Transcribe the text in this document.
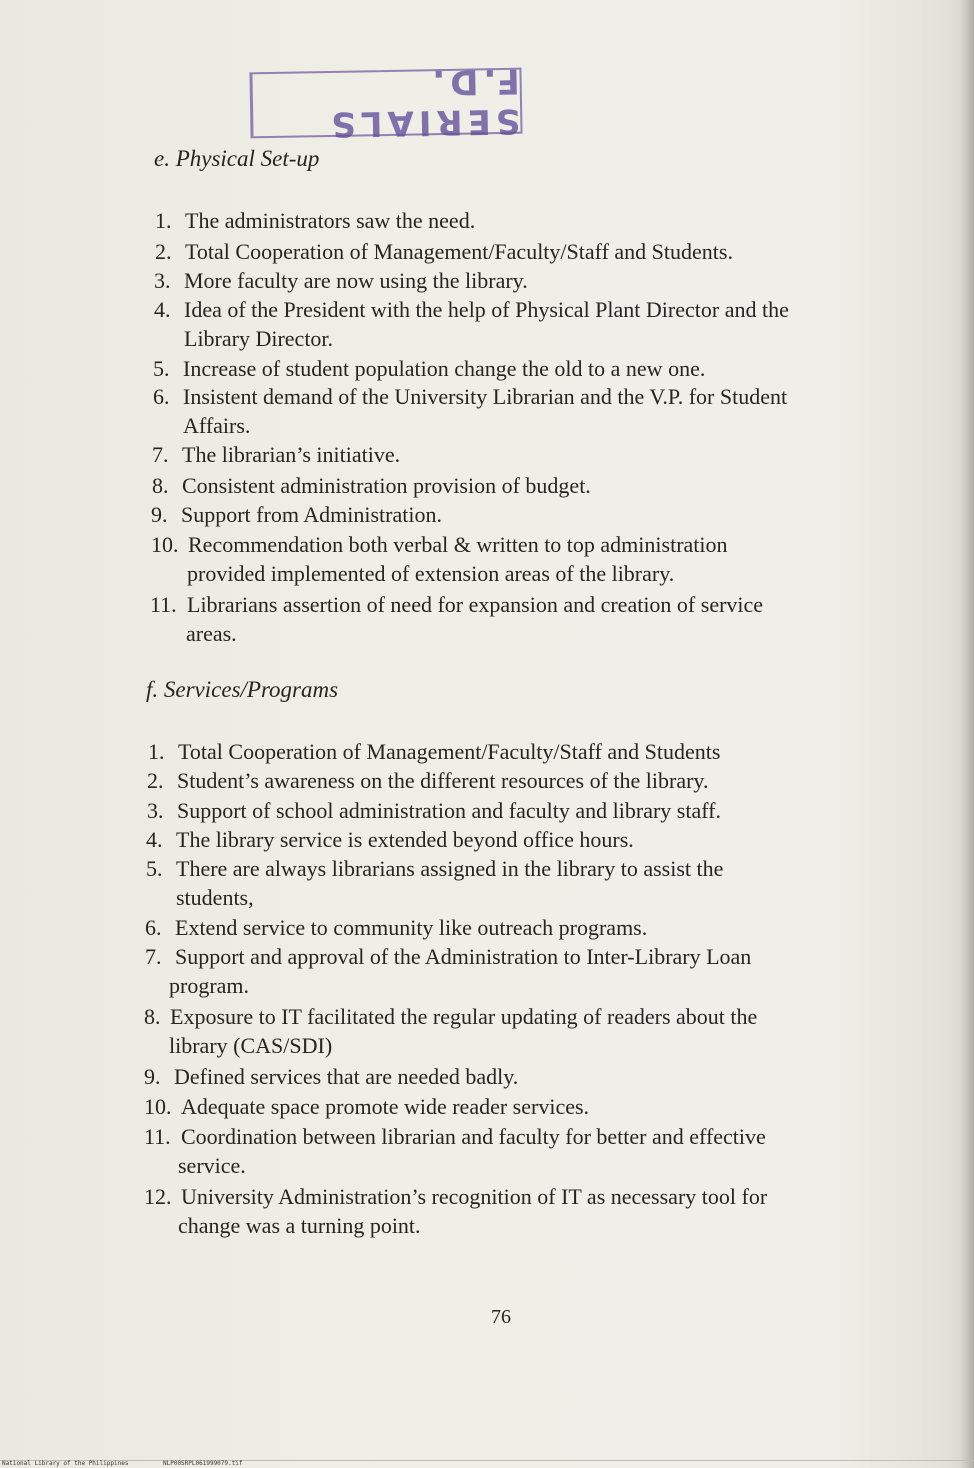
SERIALS F.D.
e. Physical Set-up
1. The administrators saw the need.
2. Total Cooperation of Management/Faculty/Staff and Students.
3. More faculty are now using the library.
4. Idea of the President with the help of Physical Plant Director and the
Library Director.
5. Increase of student population change the old to a new one.
6. Insistent demand of the University Librarian and the V.P. for Student
Affairs.
7. The librarian’s initiative.
8. Consistent administration provision of budget.
9. Support from Administration.
10. Recommendation both verbal & written to top administration
provided implemented of extension areas of the library.
11. Librarians assertion of need for expansion and creation of service
areas.
f. Services/Programs
1. Total Cooperation of Management/Faculty/Staff and Students
2. Student’s awareness on the different resources of the library.
3. Support of school administration and faculty and library staff.
4. The library service is extended beyond office hours.
5. There are always librarians assigned in the library to assist the
students,
6. Extend service to community like outreach programs.
7. Support and approval of the Administration to Inter-Library Loan
program.
8. Exposure to IT facilitated the regular updating of readers about the
library (CAS/SDI)
9. Defined services that are needed badly.
10. Adequate space promote wide reader services.
11. Coordination between librarian and faculty for better and effective
service.
12. University Administration’s recognition of IT as necessary tool for
change was a turning point.
76
National Library of the Philippines	NLP00SRPL061999079.tif
